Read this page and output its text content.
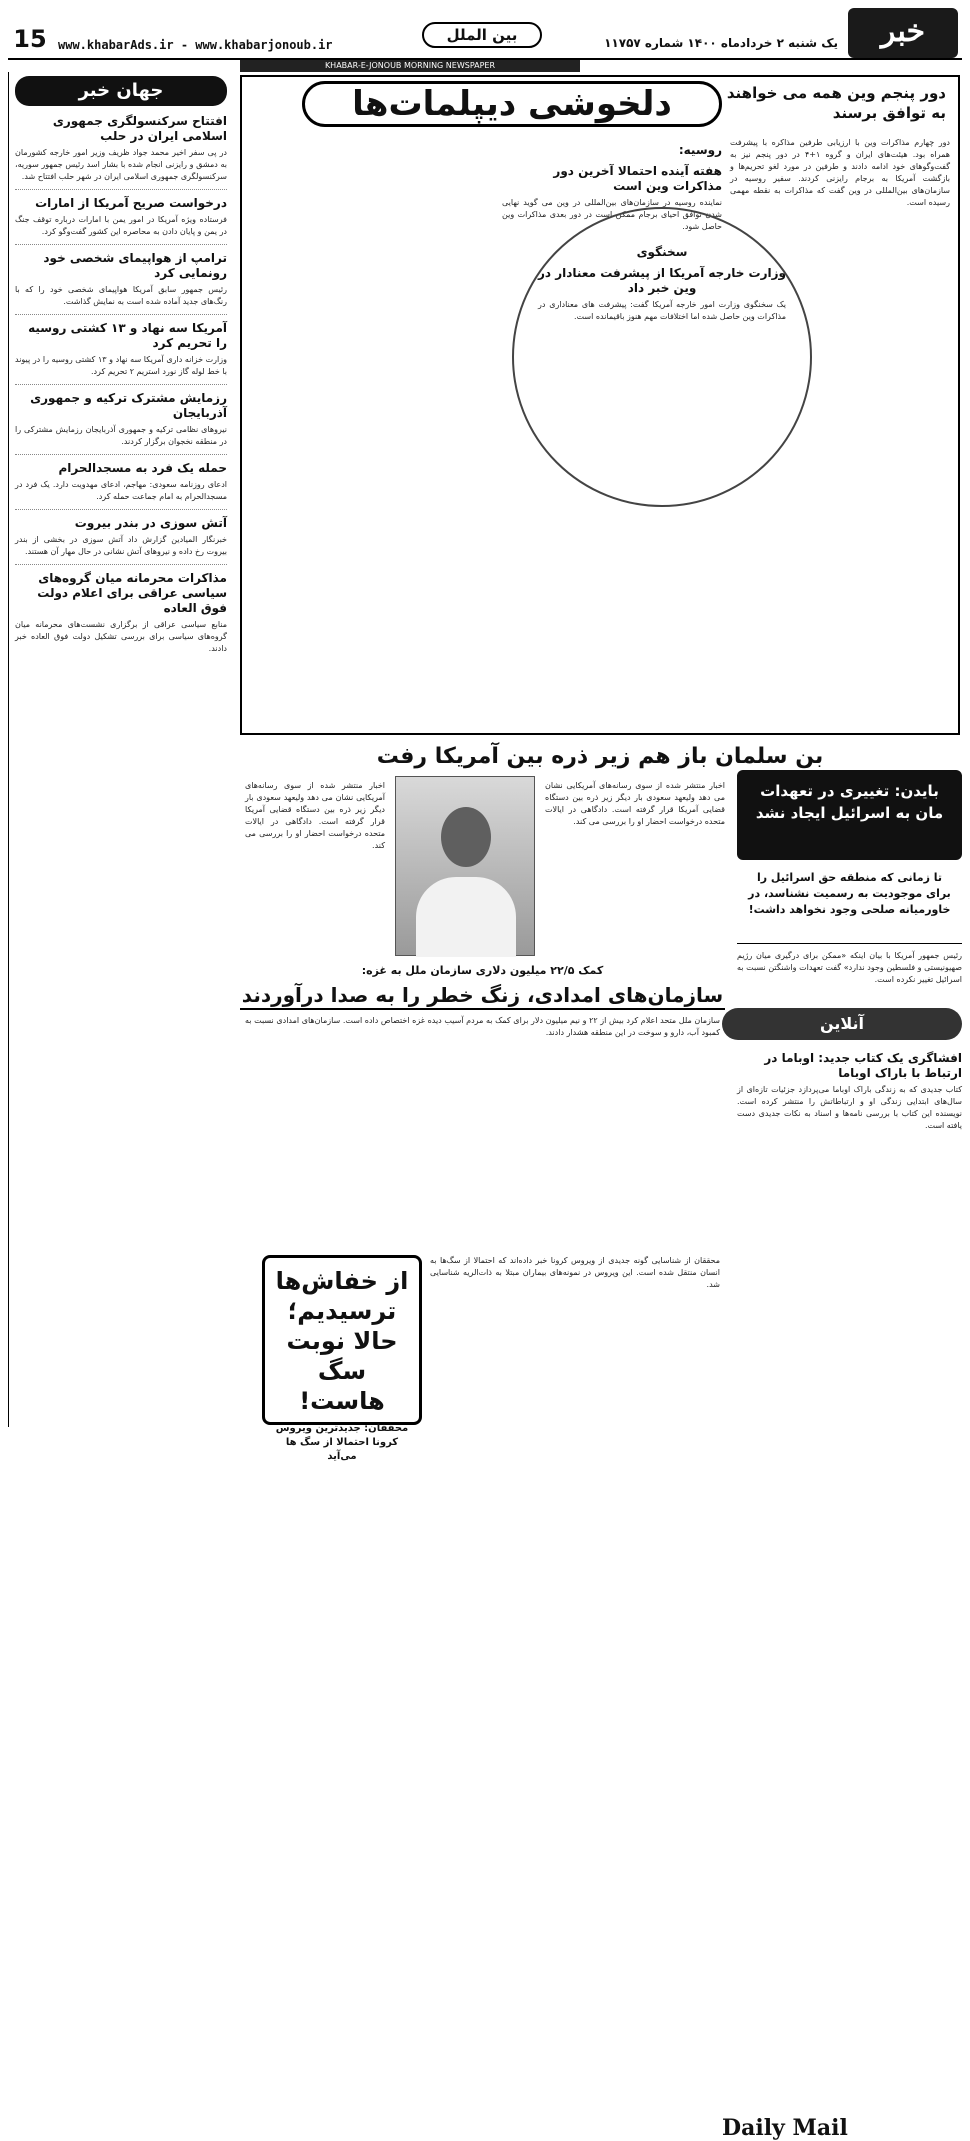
خبر
یک شنبه ۲ خردادماه ۱۴۰۰ شماره ۱۱۷۵۷
بین الملل
www.khabarAds.ir - www.khabarjonoub.ir
15
KHABAR-E-JONOUB MORNING NEWSPAPER
جهان خبر
افتتاح سرکنسولگری جمهوری اسلامی ایران در حلب
در پی سفر اخیر محمد جواد ظریف وزیر امور خارجه کشورمان به دمشق و رایزنی انجام شده با بشار اسد رئیس جمهور سوریه، سرکنسولگری جمهوری اسلامی ایران در شهر حلب افتتاح شد.
درخواست صریح آمریکا از امارات
فرستاده ویژه آمریکا در امور یمن با امارات درباره توقف جنگ در یمن و پایان دادن به محاصره این کشور گفت‌وگو کرد.
ترامپ از هواپیمای شخصی خود رونمایی کرد
رئیس جمهور سابق آمریکا هواپیمای شخصی خود را که با رنگ‌های جدید آماده شده است به نمایش گذاشت.
آمریکا سه نهاد و ۱۳ کشتی روسیه را تحریم کرد
وزارت خزانه داری آمریکا سه نهاد و ۱۳ کشتی روسیه را در پیوند با خط لوله گاز نورد استریم ۲ تحریم کرد.
رزمایش مشترک ترکیه و جمهوری آذربایجان
نیروهای نظامی ترکیه و جمهوری آذربایجان رزمایش مشترکی را در منطقه نخجوان برگزار کردند.
حمله یک فرد به مسجدالحرام
ادعای روزنامه سعودی: مهاجم، ادعای مهدویت دارد. یک فرد در مسجدالحرام به امام جماعت حمله کرد.
آتش سوزی در بندر بیروت
خبرنگار المیادین گزارش داد آتش سوزی در بخشی از بندر بیروت رخ داده و نیروهای آتش نشانی در حال مهار آن هستند.
مذاکرات محرمانه میان گروه‌های سیاسی عراقی برای اعلام دولت فوق العاده
منابع سیاسی عراقی از برگزاری نشست‌های محرمانه میان گروه‌های سیاسی برای بررسی تشکیل دولت فوق العاده خبر دادند.
دور پنجم وین همه می خواهند به توافق برسند
دلخوشی دیپلمات‌ها
دور چهارم مذاکرات وین با ارزیابی طرفین مذاکره با پیشرفت همراه بود. هیئت‌های ایران و گروه ۱+۴ در دور پنجم نیز به گفت‌وگوهای خود ادامه دادند و طرفین در مورد لغو تحریم‌ها و بازگشت آمریکا به برجام رایزنی کردند. سفیر روسیه در سازمان‌های بین‌المللی در وین گفت که مذاکرات به نقطه مهمی رسیده است.
روسیه:
هفته آینده احتمالا آخرین دور مذاکرات وین است
نماینده روسیه در سازمان‌های بین‌المللی در وین می گوید نهایی شدن توافق احیای برجام ممکن است در دور بعدی مذاکرات وین حاصل شود.
سخنگوی
وزارت خارجه آمریکا از پیشرفت معنادار در وین خبر داد
یک سخنگوی وزارت امور خارجه آمریکا گفت: پیشرفت های معناداری در مذاکرات وین حاصل شده اما اختلافات مهم هنوز باقیمانده است.
بن سلمان باز هم زیر ذره بین آمریکا رفت
اخبار منتشر شده از سوی رسانه‌های آمریکایی نشان می دهد ولیعهد سعودی بار دیگر زیر ذره بین دستگاه قضایی آمریکا قرار گرفته است. دادگاهی در ایالات متحده درخواست احضار او را بررسی می کند.
اخبار منتشر شده از سوی رسانه‌های آمریکایی نشان می دهد ولیعهد سعودی بار دیگر زیر ذره بین دستگاه قضایی آمریکا قرار گرفته است. دادگاهی در ایالات متحده درخواست احضار او را بررسی می کند.
بایدن: تغییری در تعهدات مان به اسرائیل ایجاد نشد
تا زمانی که منطقه حق اسرائیل را برای موجودیت به رسمیت نشناسد، در خاورمیانه صلحی وجود نخواهد داشت!
رئیس جمهور آمریکا با بیان اینکه «ممکن برای درگیری میان رژیم صهیونیستی و فلسطین وجود ندارد» گفت تعهدات واشنگتن نسبت به اسرائیل تغییر نکرده است.
کمک ۲۲/۵ میلیون دلاری سازمان ملل به غزه:
سازمان‌های امدادی، زنگ خطر را به صدا درآوردند
سازمان ملل متحد اعلام کرد بیش از ۲۲ و نیم میلیون دلار برای کمک به مردم آسیب دیده غزه اختصاص داده است. سازمان‌های امدادی نسبت به کمبود آب، دارو و سوخت در این منطقه هشدار دادند.
از خفاش‌ها ترسیدیم؛ حالا نوبت سگ هاست!
محققان: جدیدترین ویروس کرونا احتمالا از سگ ها می‌آید
محققان از شناسایی گونه جدیدی از ویروس کرونا خبر داده‌اند که احتمالا از سگ‌ها به انسان منتقل شده است. این ویروس در نمونه‌های بیماران مبتلا به ذات‌الریه شناسایی شد.
آنلاین
افشاگری یک کتاب جدید: اوباما در ارتباط با باراک اوباما
Daily Mail
کتاب جدیدی که به زندگی باراک اوباما می‌پردازد جزئیات تازه‌ای از سال‌های ابتدایی زندگی او و ارتباطاتش را منتشر کرده است. نویسنده این کتاب با بررسی نامه‌ها و اسناد به نکات جدیدی دست یافته است.
